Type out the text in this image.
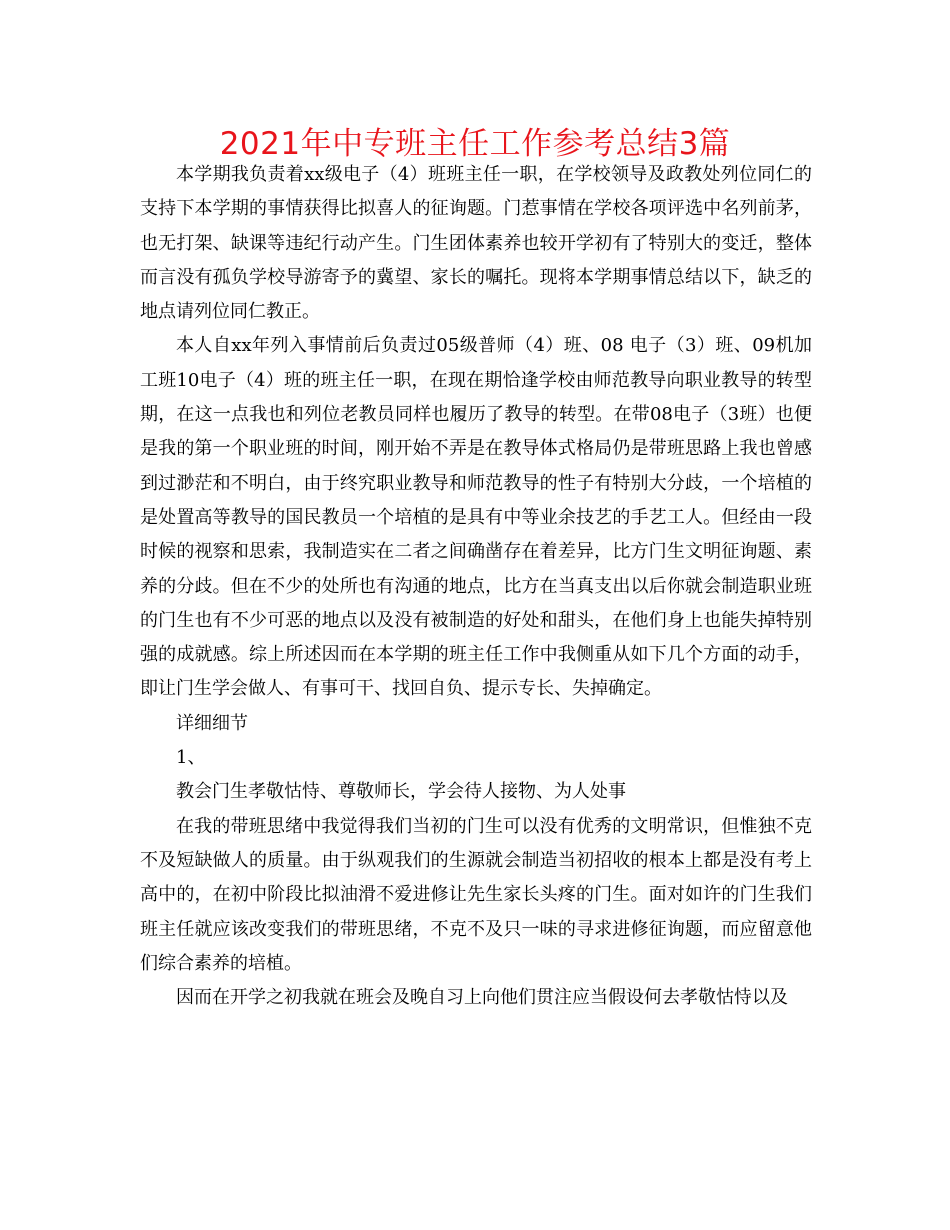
2021年中专班主任工作参考总结3篇

本学期我负责着xx级电子（4）班班主任一职，在学校领导及政教处列位同仁的支持下本学期的事情获得比拟喜人的征询题。门惹事情在学校各项评选中名列前茅，也无打架、缺课等违纪行动产生。门生团体素养也较开学初有了特别大的变迁，整体而言没有孤负学校导游寄予的冀望、家长的嘱托。现将本学期事情总结以下，缺乏的地点请列位同仁教正。

本人自xx年列入事情前后负责过05级普师（4）班、08 电子（3）班、09机加工班10电子（4）班的班主任一职，在现在期恰逢学校由师范教导向职业教导的转型期，在这一点我也和列位老教员同样也履历了教导的转型。在带08电子（3班）也便是我的第一个职业班的时间，刚开始不弄是在教导体式格局仍是带班思路上我也曾感到过渺茫和不明白，由于终究职业教导和师范教导的性子有特别大分歧，一个培植的是处置高等教导的国民教员一个培植的是具有中等业余技艺的手艺工人。但经由一段时候的视察和思索，我制造实在二者之间确凿存在着差异，比方门生文明征询题、素养的分歧。但在不少的处所也有沟通的地点，比方在当真支出以后你就会制造职业班的门生也有不少可恶的地点以及没有被制造的好处和甜头，在他们身上也能失掉特别强的成就感。综上所述因而在本学期的班主任工作中我侧重从如下几个方面的动手，即让门生学会做人、有事可干、找回自负、提示专长、失掉确定。

详细细节

1、

教会门生孝敬怙恃、尊敬师长，学会待人接物、为人处事

在我的带班思绪中我觉得我们当初的门生可以没有优秀的文明常识，但惟独不克不及短缺做人的质量。由于纵观我们的生源就会制造当初招收的根本上都是没有考上高中的，在初中阶段比拟油滑不爱进修让先生家长头疼的门生。面对如许的门生我们班主任就应该改变我们的带班思绪，不克不及只一味的寻求进修征询题，而应留意他们综合素养的培植。

因而在开学之初我就在班会及晚自习上向他们贯注应当假设何去孝敬怙恃以及
